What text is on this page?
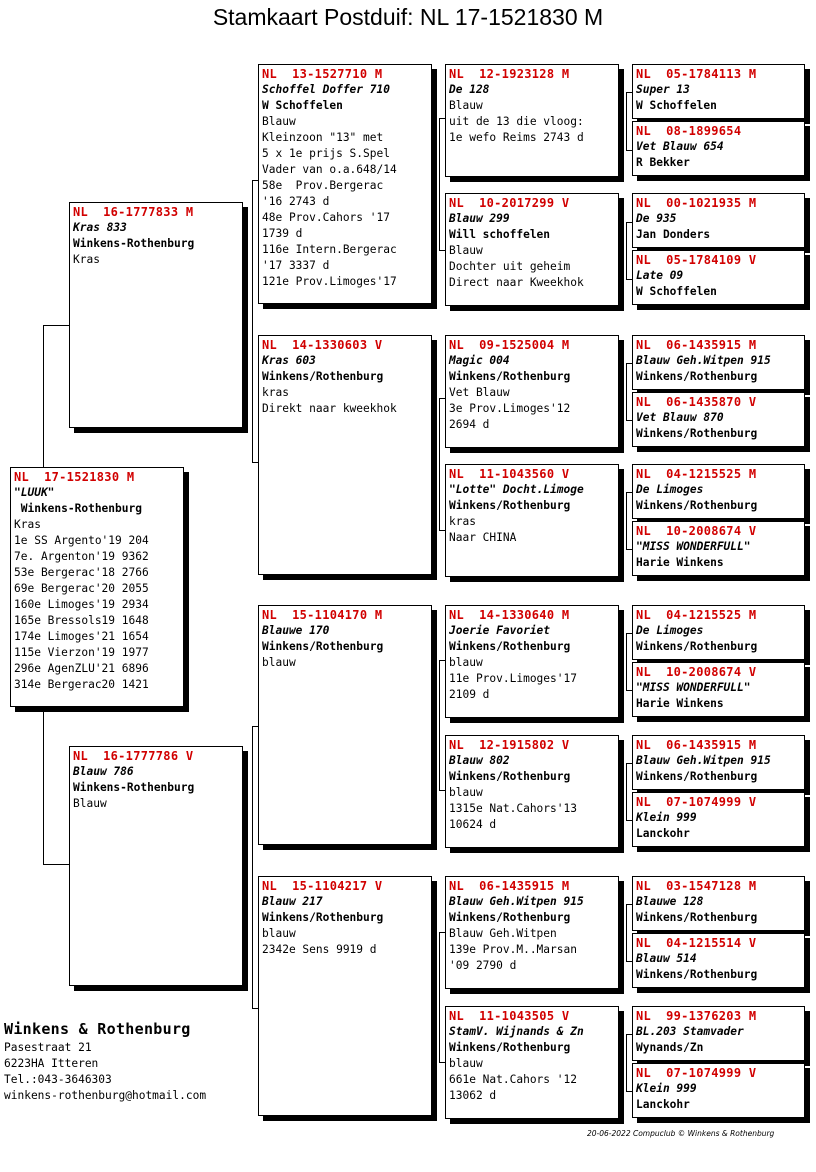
Stamkaart Postduif: NL 17-1521830 M
NL  17-1521830 M
"LUUK"
Winkens-Rothenburg
Kras
1e SS Argento'19 204
7e. Argenton'19 9362
53e Bergerac'18 2766
69e Bergerac'20 2055
160e Limoges'19 2934
165e Bressols19 1648
174e Limoges'21 1654
115e Vierzon'19 1977
296e AgenZLU'21 6896
314e Bergerac20 1421
NL  16-1777833 M
Kras 833
Winkens-Rothenburg
Kras
NL  16-1777786 V
Blauw 786
Winkens-Rothenburg
Blauw
NL  13-1527710 M
Schoffel Doffer 710
W Schoffelen
Blauw
Kleinzoon "13" met
5 x 1e prijs S.Spel
Vader van o.a.648/14
58e  Prov.Bergerac
'16 2743 d
48e Prov.Cahors '17
1739 d
116e Intern.Bergerac
'17 3337 d
121e Prov.Limoges'17
NL  14-1330603 V
Kras 603
Winkens/Rothenburg
kras
Direkt naar kweekhok
NL  15-1104170 M
Blauwe 170
Winkens/Rothenburg
blauw
NL  15-1104217 V
Blauw 217
Winkens/Rothenburg
blauw
2342e Sens 9919 d
NL  12-1923128 M
De 128
Blauw
uit de 13 die vloog:
1e wefo Reims 2743 d
NL  10-2017299 V
Blauw 299
Will schoffelen
Blauw
Dochter uit geheim
Direct naar Kweekhok
NL  09-1525004 M
Magic 004
Winkens/Rothenburg
Vet Blauw
3e Prov.Limoges'12
2694 d
NL  11-1043560 V
"Lotte" Docht.Limoge
Winkens/Rothenburg
kras
Naar CHINA
NL  14-1330640 M
Joerie Favoriet
Winkens/Rothenburg
blauw
11e Prov.Limoges'17
2109 d
NL  12-1915802 V
Blauw 802
Winkens/Rothenburg
blauw
1315e Nat.Cahors'13
10624 d
NL  06-1435915 M
Blauw Geh.Witpen 915
Winkens/Rothenburg
Blauw Geh.Witpen
139e Prov.M..Marsan
'09 2790 d
NL  11-1043505 V
StamV. Wijnands & Zn
Winkens/Rothenburg
blauw
661e Nat.Cahors '12
13062 d
NL  05-1784113 M
Super 13
W Schoffelen
NL  08-1899654
Vet Blauw 654
R Bekker
NL  00-1021935 M
De 935
Jan Donders
NL  05-1784109 V
Late 09
W Schoffelen
NL  06-1435915 M
Blauw Geh.Witpen 915
Winkens/Rothenburg
NL  06-1435870 V
Vet Blauw 870
Winkens/Rothenburg
NL  04-1215525 M
De Limoges
Winkens/Rothenburg
NL  10-2008674 V
"MISS WONDERFULL"
Harie Winkens
NL  04-1215525 M
De Limoges
Winkens/Rothenburg
NL  10-2008674 V
"MISS WONDERFULL"
Harie Winkens
NL  06-1435915 M
Blauw Geh.Witpen 915
Winkens/Rothenburg
NL  07-1074999 V
Klein 999
Lanckohr
NL  03-1547128 M
Blauwe 128
Winkens/Rothenburg
NL  04-1215514 V
Blauw 514
Winkens/Rothenburg
NL  99-1376203 M
BL.203 Stamvader
Wynands/Zn
NL  07-1074999 V
Klein 999
Lanckohr
Winkens & Rothenburg
Pasestraat 21
6223HA Itteren
Tel.:043-3646303
winkens-rothenburg@hotmail.com
20-06-2022 Compuclub © Winkens & Rothenburg
